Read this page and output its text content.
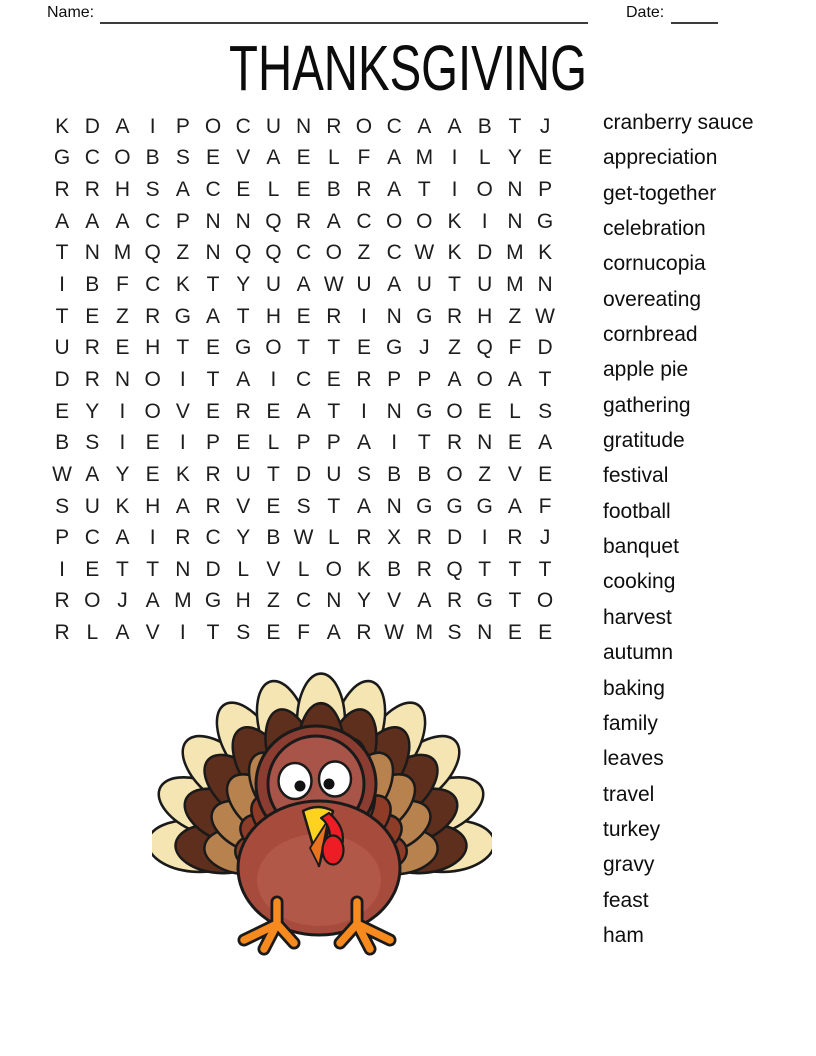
Name:	Date:
THANKSGIVING
K D A I P O C U N R O C A A B T J
G C O B S E V A E L F A M I	L Y E
R R H S A C E L E B R A T I O N P
A A A C P N N Q R A C O O K I N G
T N M Q Z N Q Q C O Z C W K D M K
I B F C K T Y U A W U A U T U M N
T E Z R G A T H E R I N G R H Z W
U R E H T E G O T T E G J Z Q F D
D R N O I T A I C E R P P A O A T
E Y I O V E R E A T I N G O E L S
B S I E I P E L P P A I T R N E A
W A Y E K R U T D U S B B O Z V E
S U K H A R V E S T A N G G G A F
P C A I R C Y B W L R X R D I R J
I E T T N D L V L O K B R Q T T T
R O J A M G H Z C N Y V A R G T O
R L A V I T S E F A R W M S N E E
cranberry sauce
appreciation
get-together
celebration
cornucopia
overeating
cornbread
apple pie
gathering
gratitude
festival
football
banquet
cooking
harvest
autumn
baking
family
leaves
travel
turkey
gravy
feast
ham
